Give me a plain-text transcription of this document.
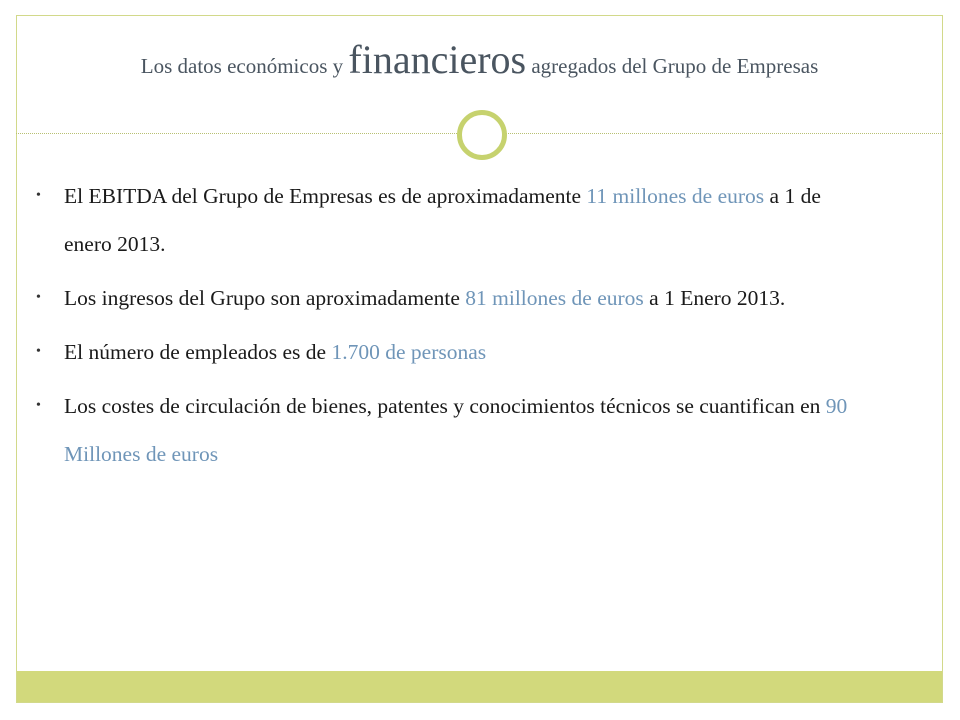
Los datos económicos y financieros agregados del Grupo de Empresas
• El EBITDA del Grupo de Empresas es de aproximadamente 11 millones de euros a 1 de enero 2013.
• Los ingresos del Grupo son aproximadamente 81 millones de euros a 1 Enero 2013.
• El número de empleados es de 1.700 de personas
• Los costes de circulación de bienes, patentes y conocimientos técnicos se cuantifican en 90 Millones de euros
